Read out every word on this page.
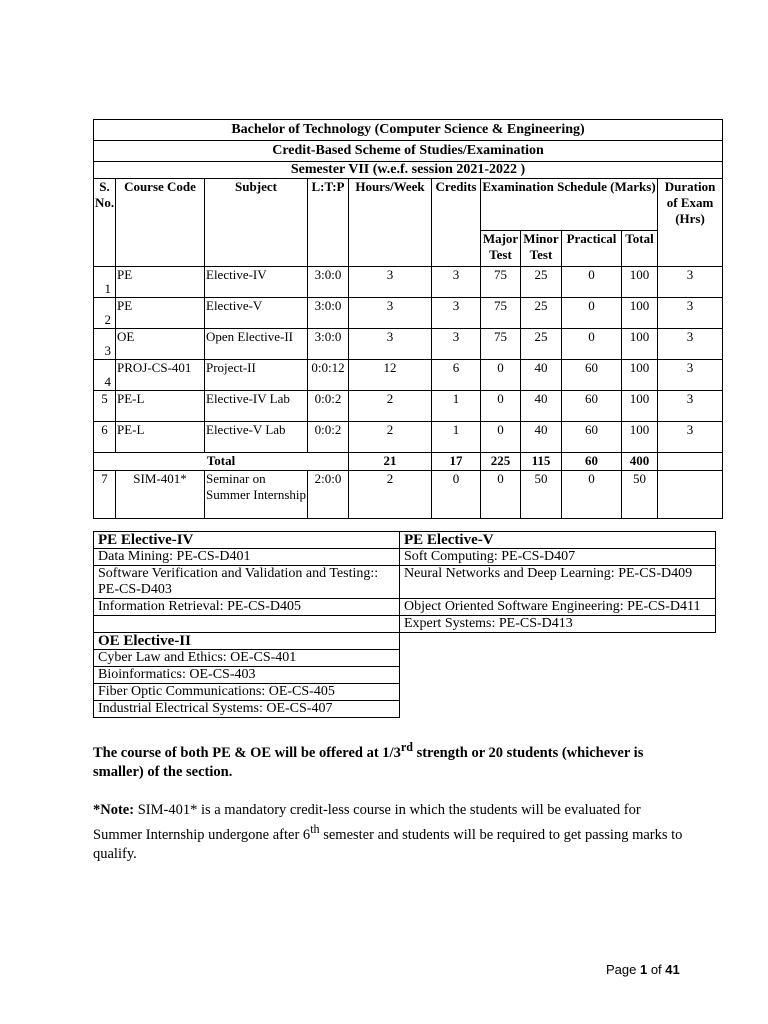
Bachelor of Technology (Computer Science & Engineering)										
Credit-Based Scheme of Studies/Examination										
Semester VII (w.e.f. session 2021-2022 )										
S. No.	Course Code	Subject	L:T:P	Hours/Week	Credits	Examination Schedule (Marks)				Duration of Exam (Hrs)
						Major Test	Minor Test	Practical	Total	
1	PE	Elective-IV	3:0:0	3	3	75	25	0	100	3
2	PE	Elective-V	3:0:0	3	3	75	25	0	100	3
3	OE	Open Elective-II	3:0:0	3	3	75	25	0	100	3
4	PROJ-CS-401	Project-II	0:0:12	12	6	0	40	60	100	3
5	PE-L	Elective-IV Lab	0:0:2	2	1	0	40	60	100	3
6	PE-L	Elective-V Lab	0:0:2	2	1	0	40	60	100	3
Total				21	17	225	115	60	400	
7	SIM-401*	Seminar on Summer Internship	2:0:0	2	0	0	50	0	50	
PE Elective-IV	PE Elective-V
Data Mining: PE-CS-D401	Soft Computing: PE-CS-D407
Software Verification and Validation and Testing:: PE-CS-D403	Neural Networks and Deep Learning: PE-CS-D409
Information Retrieval: PE-CS-D405	Object Oriented Software Engineering: PE-CS-D411
	Expert Systems: PE-CS-D413
OE Elective-II	
Cyber Law and Ethics: OE-CS-401	
Bioinformatics: OE-CS-403	
Fiber Optic Communications: OE-CS-405	
Industrial Electrical Systems: OE-CS-407	

The course of both PE & OE will be offered at 1/3rd strength or 20 students (whichever is smaller) of the section.

*Note: SIM-401* is a mandatory credit-less course in which the students will be evaluated for Summer Internship undergone after 6th semester and students will be required to get passing marks to qualify.

Page 1 of 41
